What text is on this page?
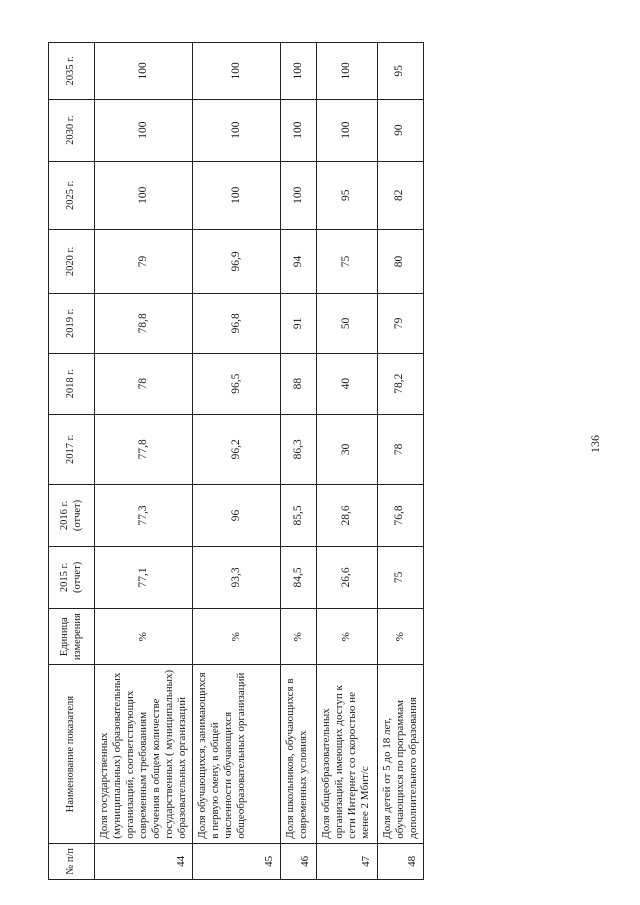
№ п/п	Наименование показателя	Единица измерения	2015 г. (отчет)	2016 г. (отчет)	2017 г.	2018 г.	2019 г.	2020 г.	2025 г.	2030 г.	2035 г.
44	Доля государственных (муниципальных) образовательных организаций, соответствующих современным требованиям обучения в общем количестве государственных ( муниципальных) образовательных организаций	%	77,1	77,3	77,8	78	78,8	79	100	100	100
45	Доля обучающихся, занимающихся в первую смену, в общей численности обучающихся общеобразовательных организаций	%	93,3	96	96,2	96,5	96,8	96,9	100	100	100
46	Доля школьников, обучающихся в современных условиях	%	84,5	85,5	86,3	88	91	94	100	100	100
47	Доля общеобразовательных организаций, имеющих доступ к сети Интернет со скоростью не менее 2 Мбит/с	%	26,6	28,6	30	40	50	75	95	100	100
48	Доля детей от 5 до 18 лет, обучающихся по программам дополнительного образования	%	75	76,8	78	78,2	79	80	82	90	95
136
